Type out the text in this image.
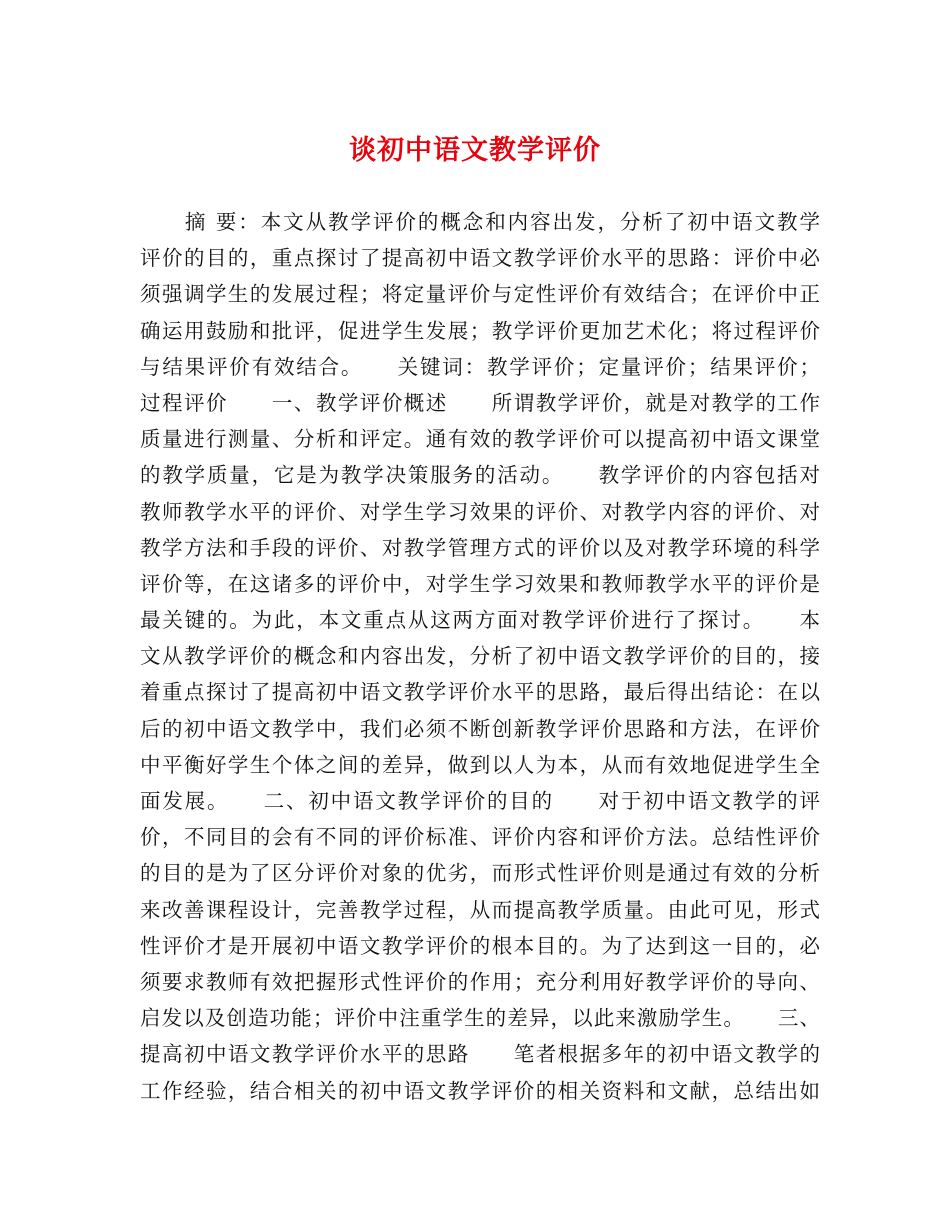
谈初中语文教学评价
　　摘 要：本文从教学评价的概念和内容出发，分析了初中语文教学
评价的目的，重点探讨了提高初中语文教学评价水平的思路：评价中必
须强调学生的发展过程；将定量评价与定性评价有效结合；在评价中正
确运用鼓励和批评，促进学生发展；教学评价更加艺术化；将过程评价
与结果评价有效结合。　　关键词：教学评价；定量评价；结果评价；
过程评价　　一、教学评价概述　　所谓教学评价，就是对教学的工作
质量进行测量、分析和评定。通有效的教学评价可以提高初中语文课堂
的教学质量，它是为教学决策服务的活动。　　教学评价的内容包括对
教师教学水平的评价、对学生学习效果的评价、对教学内容的评价、对
教学方法和手段的评价、对教学管理方式的评价以及对教学环境的科学
评价等，在这诸多的评价中，对学生学习效果和教师教学水平的评价是
最关键的。为此，本文重点从这两方面对教学评价进行了探讨。　　本
文从教学评价的概念和内容出发，分析了初中语文教学评价的目的，接
着重点探讨了提高初中语文教学评价水平的思路，最后得出结论：在以
后的初中语文教学中，我们必须不断创新教学评价思路和方法，在评价
中平衡好学生个体之间的差异，做到以人为本，从而有效地促进学生全
面发展。　　二、初中语文教学评价的目的　　对于初中语文教学的评
价，不同目的会有不同的评价标准、评价内容和评价方法。总结性评价
的目的是为了区分评价对象的优劣，而形式性评价则是通过有效的分析
来改善课程设计，完善教学过程，从而提高教学质量。由此可见，形式
性评价才是开展初中语文教学评价的根本目的。为了达到这一目的，必
须要求教师有效把握形式性评价的作用；充分利用好教学评价的导向、
启发以及创造功能；评价中注重学生的差异，以此来激励学生。　　三、
提高初中语文教学评价水平的思路　　笔者根据多年的初中语文教学的
工作经验，结合相关的初中语文教学评价的相关资料和文献，总结出如
